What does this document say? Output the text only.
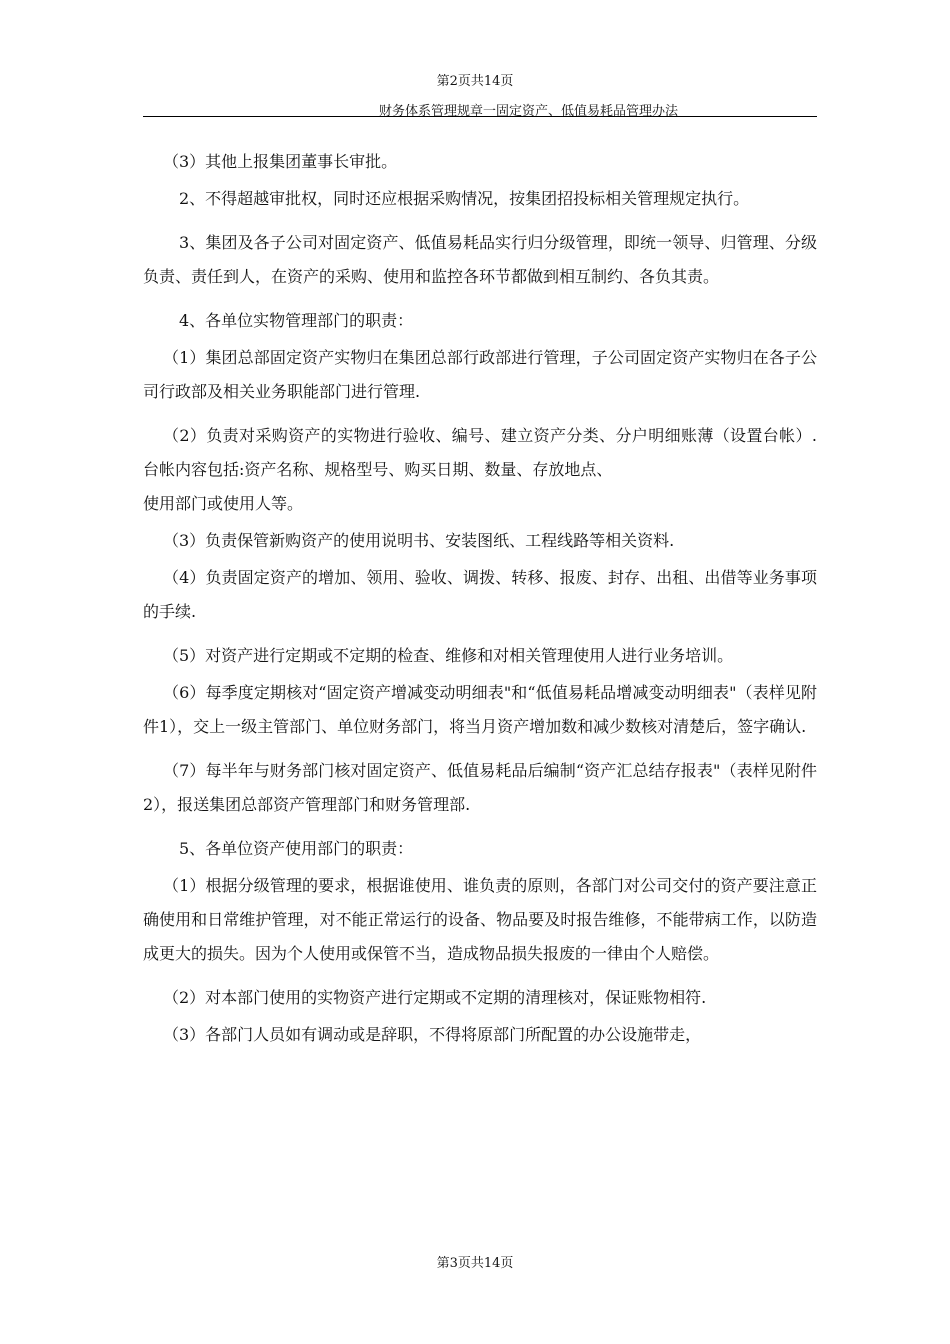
第2页共14页
财务体系管理规章一固定资产、低值易耗品管理办法

（3）其他上报集团董事长审批。

2、不得超越审批权，同时还应根据采购情况，按集团招投标相关管理规定执行。

3、集团及各子公司对固定资产、低值易耗品实行归分级管理，即统一领导、归管理、分级负责、责任到人，在资产的采购、使用和监控各环节都做到相互制约、各负其责。

4、各单位实物管理部门的职责：

（1）集团总部固定资产实物归在集团总部行政部进行管理，子公司固定资产实物归在各子公司行政部及相关业务职能部门进行管理.

（2）负责对采购资产的实物进行验收、编号、建立资产分类、分户明细账薄（设置台帐）.台帐内容包括:资产名称、规格型号、购买日期、数量、存放地点、

使用部门或使用人等。

（3）负责保管新购资产的使用说明书、安装图纸、工程线路等相关资料.

（4）负责固定资产的增加、领用、验收、调拨、转移、报废、封存、出租、出借等业务事项的手续.

（5）对资产进行定期或不定期的检查、维修和对相关管理使用人进行业务培训。

（6）每季度定期核对“固定资产增减变动明细表"和“低值易耗品增减变动明细表"（表样见附件1），交上一级主管部门、单位财务部门，将当月资产增加数和减少数核对清楚后，签字确认.

（7）每半年与财务部门核对固定资产、低值易耗品后编制“资产汇总结存报表"（表样见附件2），报送集团总部资产管理部门和财务管理部.

5、各单位资产使用部门的职责：

（1）根据分级管理的要求，根据谁使用、谁负责的原则，各部门对公司交付的资产要注意正确使用和日常维护管理，对不能正常运行的设备、物品要及时报告维修，不能带病工作，以防造成更大的损失。因为个人使用或保管不当，造成物品损失报废的一律由个人赔偿。

（2）对本部门使用的实物资产进行定期或不定期的清理核对，保证账物相符.

（3）各部门人员如有调动或是辞职，不得将原部门所配置的办公设施带走，

第3页共14页
